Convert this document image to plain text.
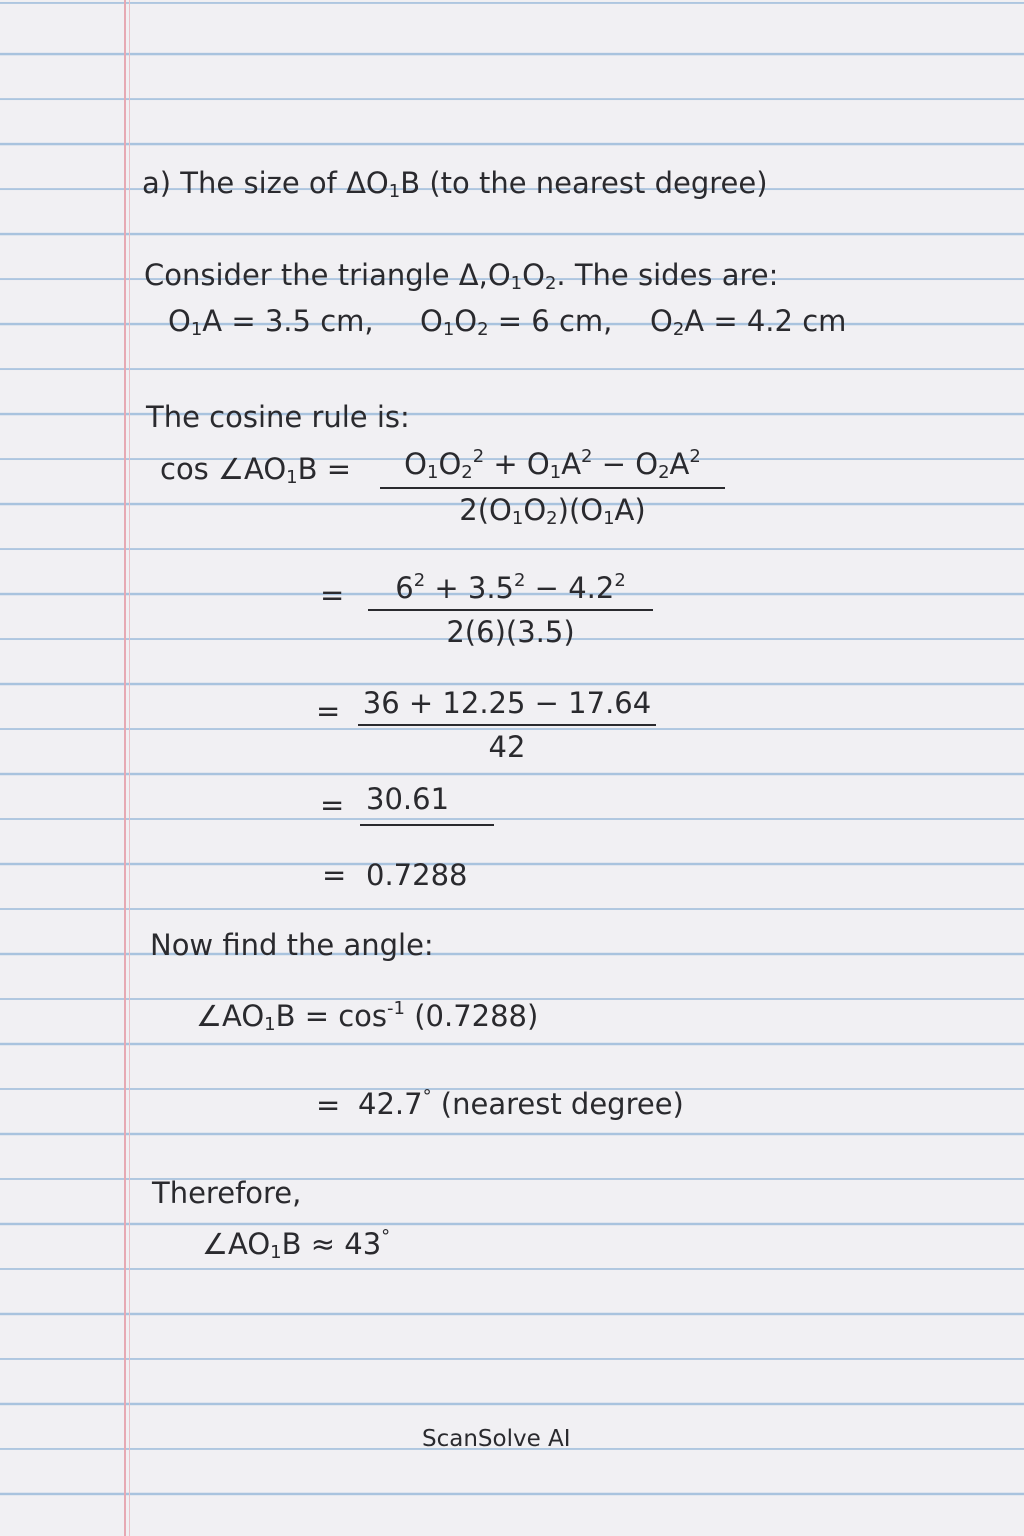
a) The size of $\Delta O_1B$ (to the nearest degree)
Consider the triangle $\Delta,O_1O_2$. The sides are:
$O_1A = 3.5$ cm, $O_1O_2 = 6$ cm, $O_2A = 4.2$ cm
The cosine rule is:
$\cos \angle AO_1B$ =	$O_1O_2^2 + O_1A^2 - O_2A^2$
$2(O_1O_2)(O_1A)$
=	$6^2 + 3.5^2 - 4.2^2$
2(6)(3.5)
= 36 + 12.25 − 17.64
42
= 30.61
= 0.7288
Now find the angle:
$\angle AO_1B = \cos^{-1} (0.7288)$
= 42.7° (nearest degree)
Therefore,
$\angle AO_1B \approx 43^\circ$
ScanSolve AI
